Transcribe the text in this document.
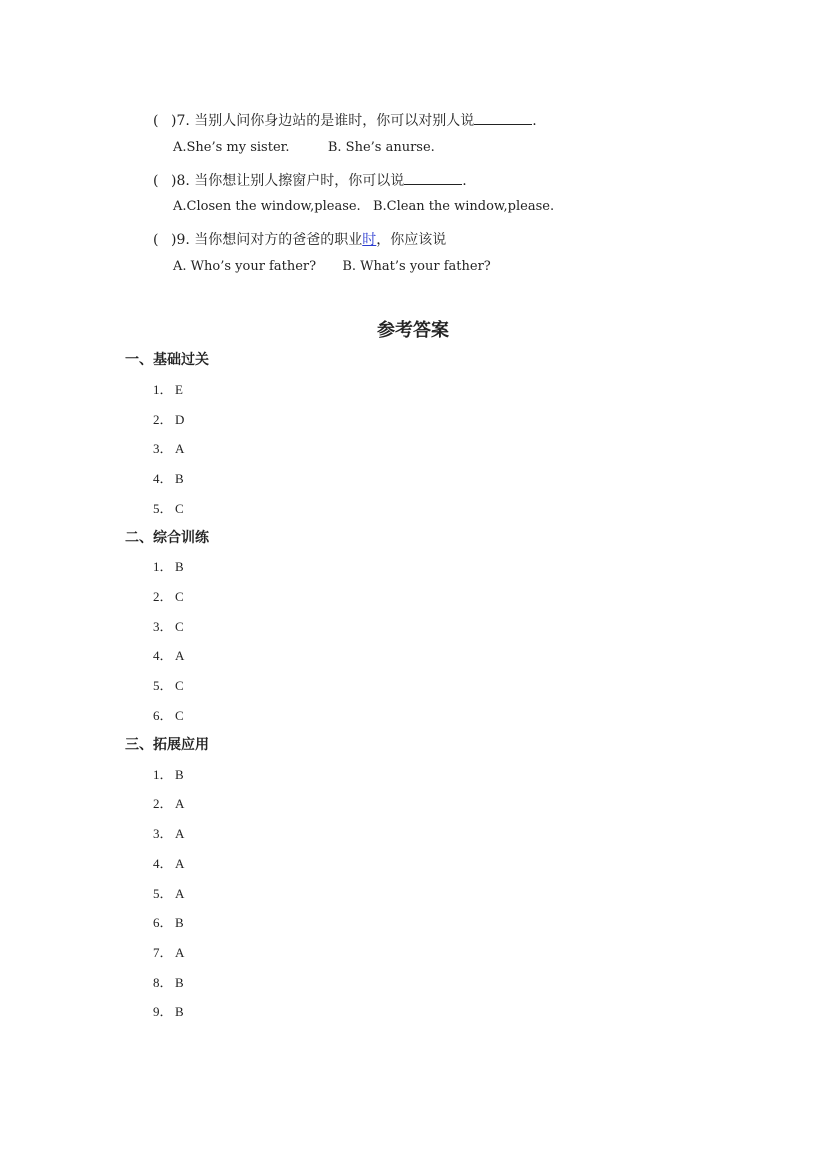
( )7. 当别人问你身边站的是谁时，你可以对别人说	.
A.She’s my sister.	B. She’s anurse.
( )8. 当你想让别人擦窗户时，你可以说	.
A.Closen the window,please. B.Clean the window,please.
( )9. 当你想问对方的爸爸的职业时，你应该说
A. Who’s your father? B. What’s your father?
参考答案
一、基础过关
1． E
2． D
3． A
4． B
5． C
二、综合训练
1． B
2． C
3． C
4． A
5． C
6． C
三、拓展应用
1． B
2． A
3． A
4． A
5． A
6． B
7． A
8． B
9． B
